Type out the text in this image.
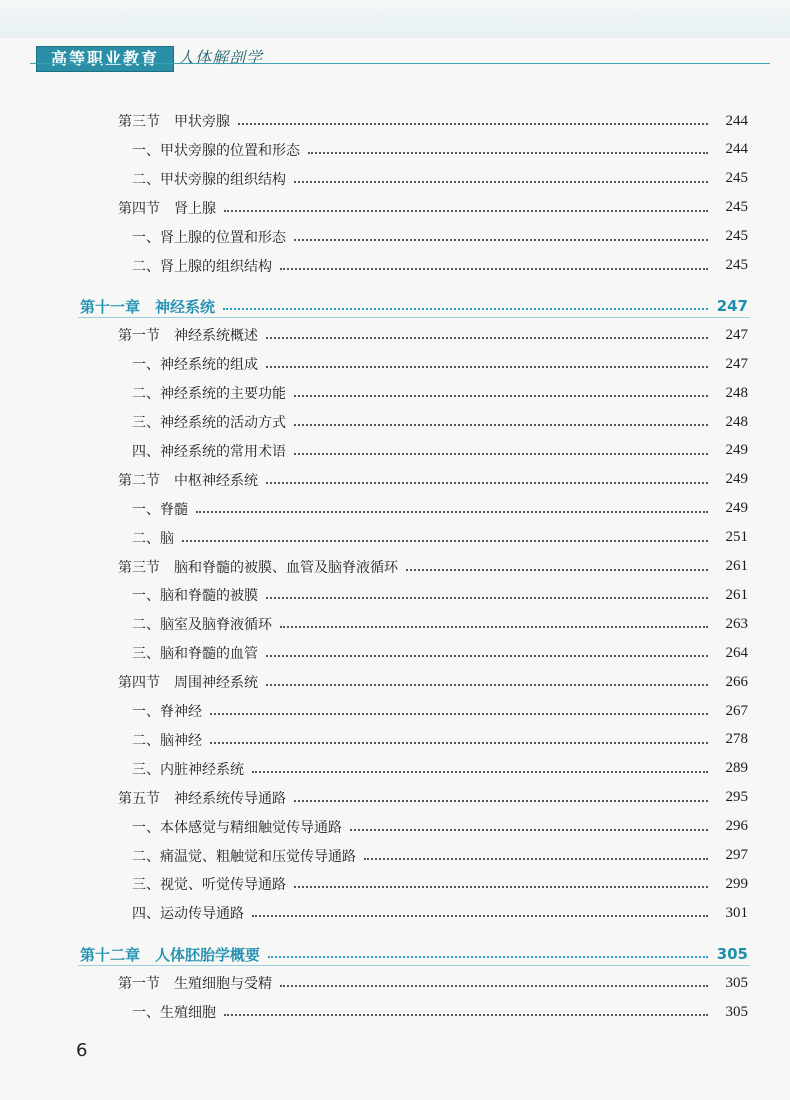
高等职业教育	人体解剖学
第三节　甲状旁腺	244
一、甲状旁腺的位置和形态	244
二、甲状旁腺的组织结构	245
第四节　肾上腺	245
一、肾上腺的位置和形态	245
二、肾上腺的组织结构	245
第十一章　神经系统	247
第一节　神经系统概述	247
一、神经系统的组成	247
二、神经系统的主要功能	248
三、神经系统的活动方式	248
四、神经系统的常用术语	249
第二节　中枢神经系统	249
一、脊髓	249
二、脑	251
第三节　脑和脊髓的被膜、血管及脑脊液循环	261
一、脑和脊髓的被膜	261
二、脑室及脑脊液循环	263
三、脑和脊髓的血管	264
第四节　周围神经系统	266
一、脊神经	267
二、脑神经	278
三、内脏神经系统	289
第五节　神经系统传导通路	295
一、本体感觉与精细触觉传导通路	296
二、痛温觉、粗触觉和压觉传导通路	297
三、视觉、听觉传导通路	299
四、运动传导通路	301
第十二章　人体胚胎学概要	305
第一节　生殖细胞与受精	305
一、生殖细胞	305
6
